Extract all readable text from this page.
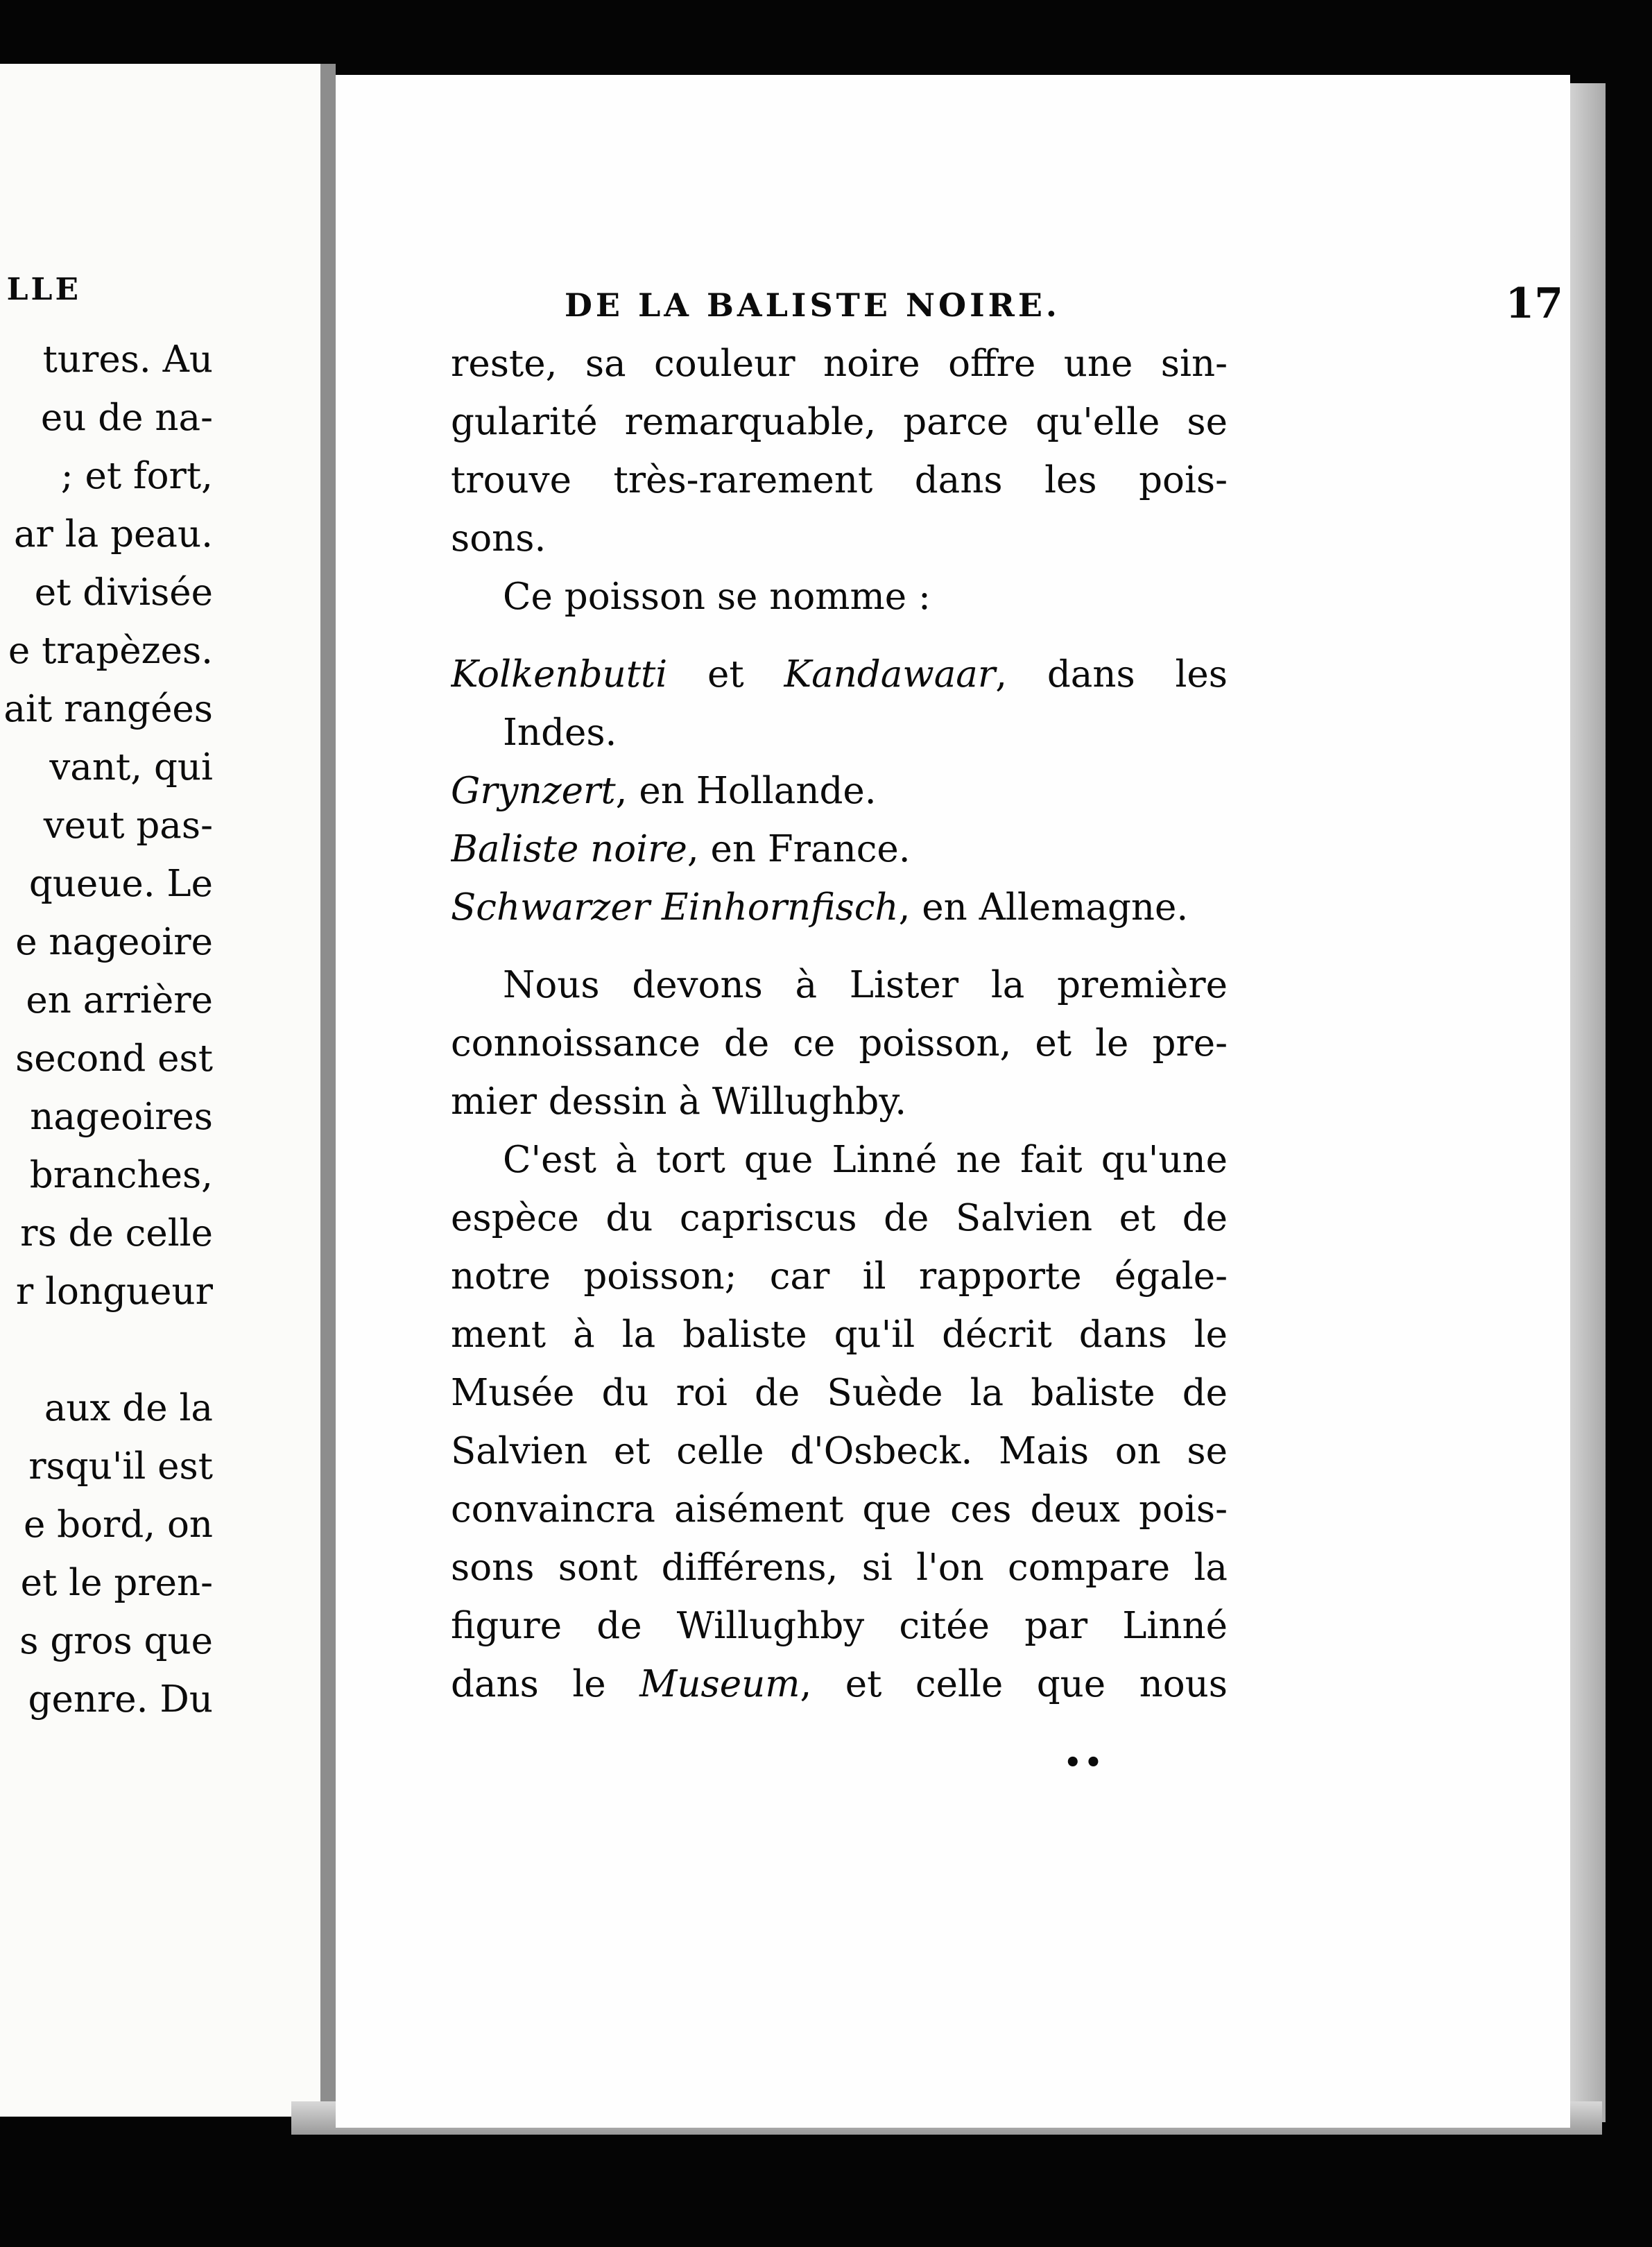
LLE
tures. Au
eu de na-
; et fort,
ar la peau.
et divisée
e trapèzes.
ait rangées
vant, qui
veut pas-
queue. Le
e nageoire
en arrière
second est
nageoires
branches,
rs de celle
r longueur
aux de la
rsqu'il est
e bord, on
et le pren-
s gros que
genre. Du
DE LA BALISTE NOIRE.	17
reste, sa couleur noire offre une sin-
gularité remarquable, parce qu'elle se
trouve très-rarement dans les pois-
sons.
Ce poisson se nomme :
Kolkenbutti et Kandawaar, dans les
Indes.
Grynzert, en Hollande.
Baliste noire, en France.
Schwarzer Einhornfisch, en Allemagne.
Nous devons à Lister la première
connoissance de ce poisson, et le pre-
mier dessin à Willughby.
C'est à tort que Linné ne fait qu'une
espèce du capriscus de Salvien et de
notre poisson; car il rapporte égale-
ment à la baliste qu'il décrit dans le
Musée du roi de Suède la baliste de
Salvien et celle d'Osbeck. Mais on se
convaincra aisément que ces deux pois-
sons sont différens, si l'on compare la
figure de Willughby citée par Linné
dans le Museum, et celle que nous
••
